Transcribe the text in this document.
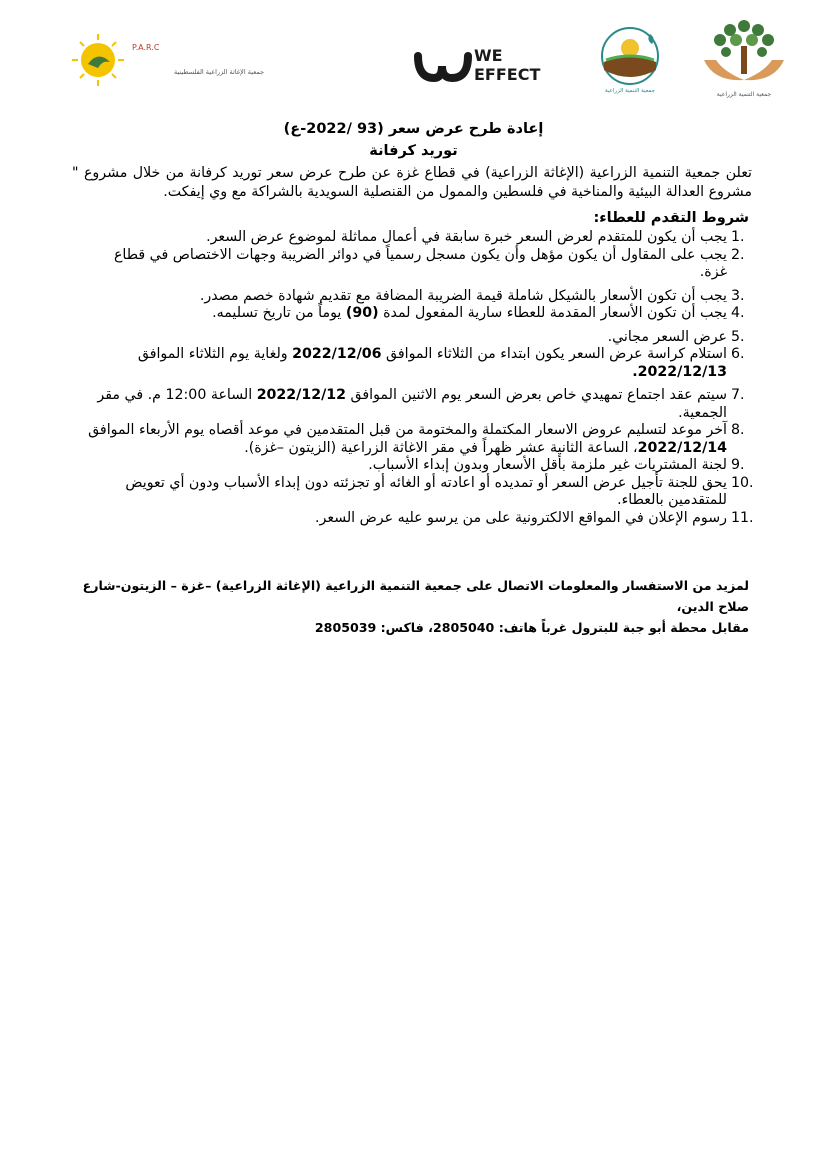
P.A.R.C
جمعية الإغاثة الزراعية الفلسطينية
WE
EFFECT
جمعية التنمية الزراعية	جمعية التنمية الزراعية
إعادة طرح عرض سعر (93 /2022-ع)
توريد كرفانة
تعلن جمعية التنمية الزراعية (الإغاثة الزراعية) في قطاع غزة عن طرح عرض سعر توريد كرفانة من خلال مشروع " مشروع العدالة البيئية والمناخية في فلسطين والممول من القنصلية السويدية بالشراكة مع وي إيفكت.
شروط التقدم للعطاء:
1.
يجب أن يكون للمتقدم لعرض السعر خبرة سابقة في أعمال مماثلة لموضوع عرض السعر.
2.
يجب على المقاول أن يكون مؤهل وأن يكون مسجل رسمياً في دوائر الضريبة وجهات الاختصاص في قطاع غزة.
3.
يجب أن تكون الأسعار بالشيكل شاملة قيمة الضريبة المضافة مع تقديم شهادة خصم مصدر.
4.
يجب أن تكون الأسعار المقدمة للعطاء سارية المفعول لمدة (90) يوماً من تاريخ تسليمه.
5.
عرض السعر مجاني.
6.
استلام كراسة عرض السعر يكون ابتداء من الثلاثاء الموافق 2022/12/06 ولغاية يوم الثلاثاء الموافق 2022/12/13.
7.
سيتم عقد اجتماع تمهيدي خاص بعرض السعر يوم الاثنين الموافق 2022/12/12 الساعة 12:00 م. في مقر الجمعية.
8.
آخر موعد لتسليم عروض الاسعار المكتملة والمختومة من قبل المتقدمين في موعد أقصاه يوم الأربعاء الموافق 2022/12/14، الساعة الثانية عشر ظهراً في مقر الاغاثة الزراعية (الزيتون –غزة).
9.
لجنة المشتريات غير ملزمة بأقل الأسعار وبدون إبداء الأسباب.
10.
يحق للجنة تأجيل عرض السعر أو تمديده أو اعادته أو الغائه أو تجزئته دون إبداء الأسباب ودون أي تعويض للمتقدمين بالعطاء.
11.
رسوم الإعلان في المواقع الالكترونية على من يرسو عليه عرض السعر.
لمزيد من الاستفسار والمعلومات الاتصال على جمعية التنمية الزراعية (الإغاثة الزراعية) –غزة – الزيتون-شارع صلاح الدين،
مقابل محطة أبو جبة للبترول غرباً هاتف: 2805040، فاكس: 2805039
